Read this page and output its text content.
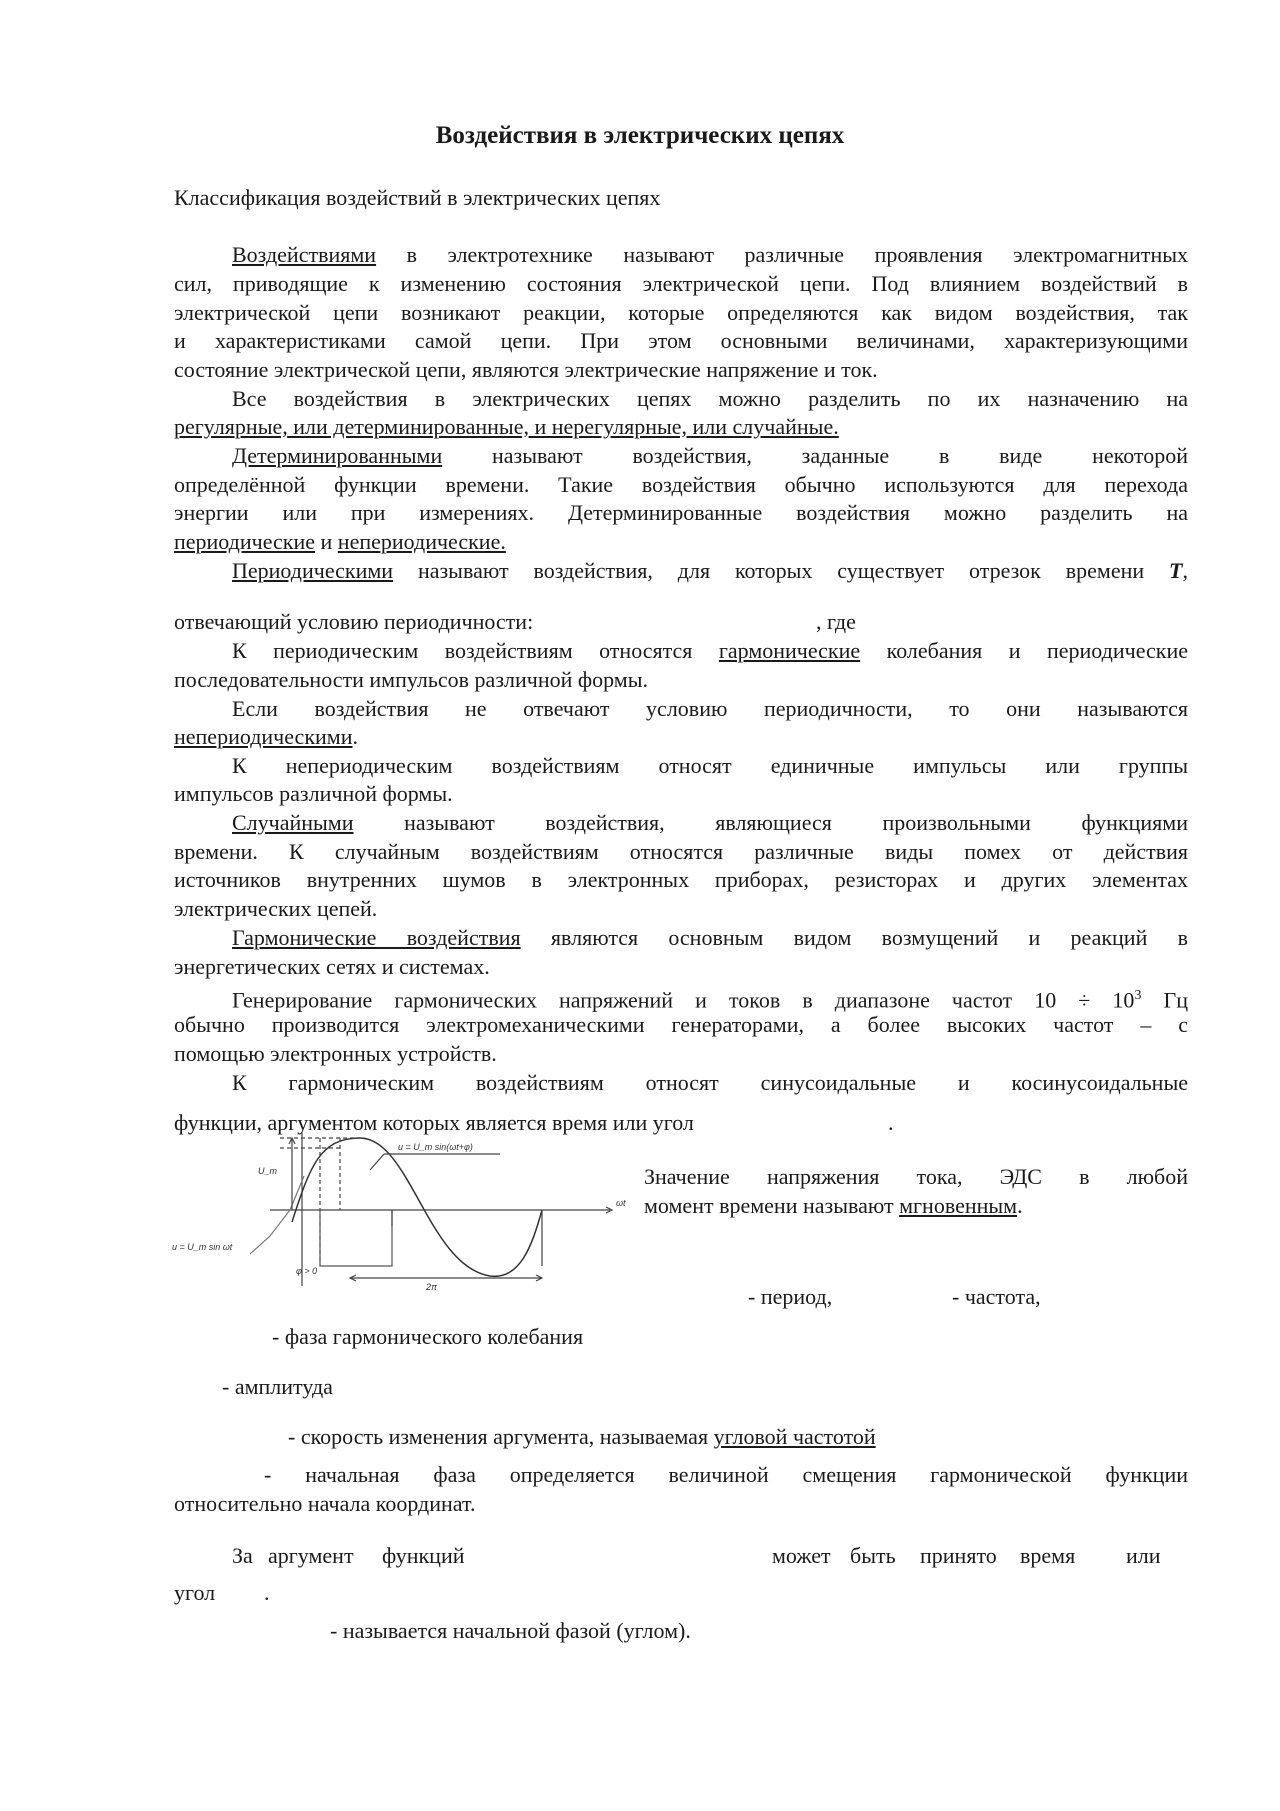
Воздействия в электрических цепях
Классификация воздействий в электрических цепях
Воздействиями в электротехнике называют различные проявления электромагнитных
сил, приводящие к изменению состояния электрической цепи. Под влиянием воздействий в
электрической цепи возникают реакции, которые определяются как видом воздействия, так
и характеристиками самой цепи. При этом основными величинами, характеризующими
состояние электрической цепи, являются электрические напряжение и ток.
Все воздействия в электрических цепях можно разделить по их назначению на
регулярные, или детерминированные, и нерегулярные, или случайные.
Детерминированными называют воздействия, заданные в виде некоторой
определённой функции времени. Такие воздействия обычно используются для перехода
энергии или при измерениях. Детерминированные воздействия можно разделить на
периодические и непериодические.
Периодическими называют воздействия, для которых существует отрезок времени T,
отвечающий условию периодичности:	, где
К периодическим воздействиям относятся гармонические колебания и периодические
последовательности импульсов различной формы.
Если воздействия не отвечают условию периодичности, то они называются
непериодическими.
К непериодическим воздействиям относят единичные импульсы или группы
импульсов различной формы.
Случайными называют воздействия, являющиеся произвольными функциями
времени. К случайным воздействиям относятся различные виды помех от действия
источников внутренних шумов в электронных приборах, резисторах и других элементах
электрических цепей.
Гармонические воздействия являются основным видом возмущений и реакций в
энергетических сетях и системах.
Генерирование гармонических напряжений и токов в диапазоне частот $10 \div 10^3$ Гц
обычно производится электромеханическими генераторами, а более высоких частот – с
помощью электронных устройств.
К гармоническим воздействиям относят синусоидальные и косинусоидальные
функции, аргументом которых является время или угол	.
u = U_m sin(ωt+φ)
u = U_m sin ωt
ωt
U_m
φ > 0
2π
Значение напряжения тока, ЭДС в любой
момент времени называют мгновенным.
- период,	- частота,
- фаза гармонического колебания
- амплитуда
- скорость изменения аргумента, называемая угловой частотой
- начальная фаза определяется величиной смещения гармонической функции
относительно начала координат.
За аргумент функций	может быть принято время или
угол .
- называется начальной фазой (углом).
